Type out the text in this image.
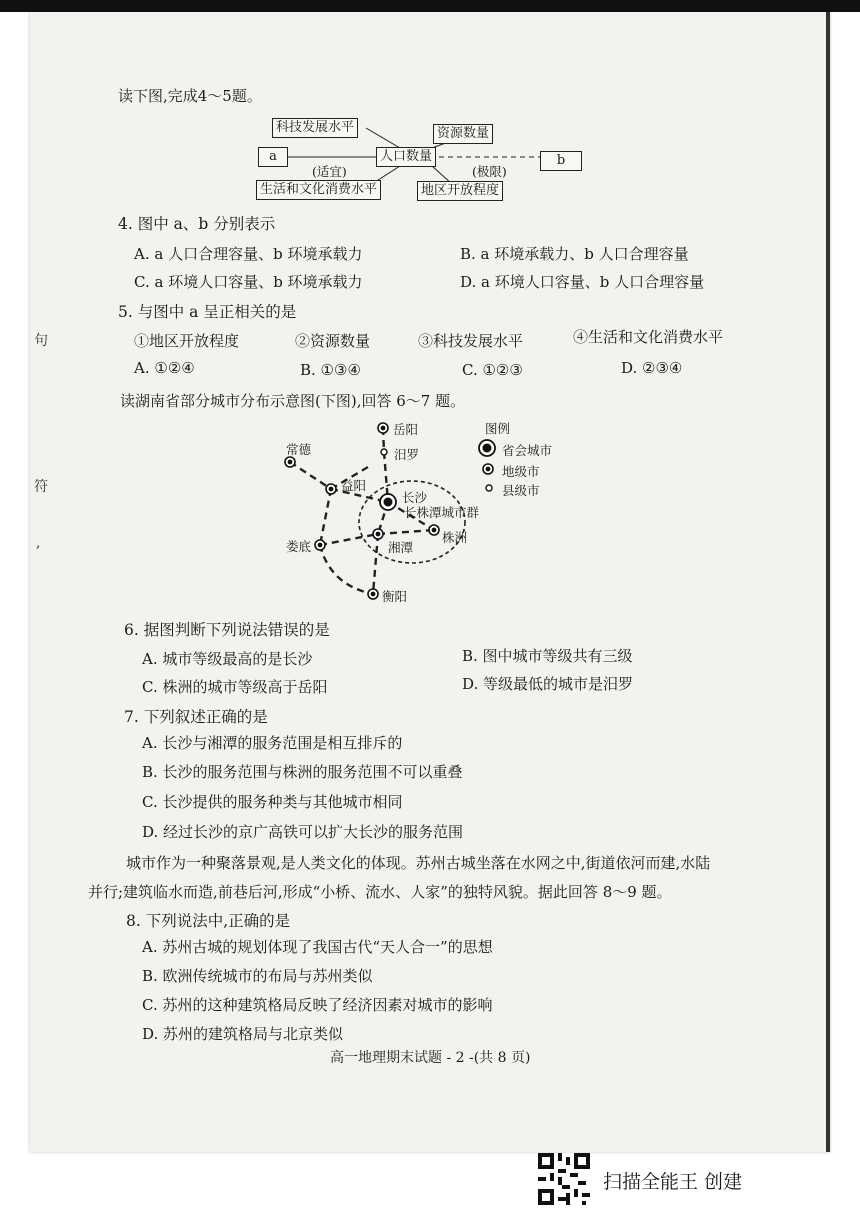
句
符
,
读下图,完成4～5题。
科技发展水平	资源数量
a	人口数量	b
(适宜)	(极限)
生活和文化消费水平	地区开放程度
4. 图中 a、b 分别表示
A. a 人口合理容量、b 环境承载力	B. a 环境承载力、b 人口合理容量
C. a 环境人口容量、b 环境承载力	D. a 环境人口容量、b 人口合理容量
5. 与图中 a 呈正相关的是
①地区开放程度	②资源数量	③科技发展水平	④生活和文化消费水平
A. ①②④	B. ①③④	C. ①②③	D. ②③④
读湖南省部分城市分布示意图(下图),回答 6～7 题。
岳阳
汨罗
常德
益阳
长沙
长株潭城市群
娄底	湘潭
株洲
衡阳
图例
省会城市
地级市
县级市
6. 据图判断下列说法错误的是
A. 城市等级最高的是长沙	B. 图中城市等级共有三级
C. 株洲的城市等级高于岳阳	D. 等级最低的城市是汨罗
7. 下列叙述正确的是
A. 长沙与湘潭的服务范围是相互排斥的
B. 长沙的服务范围与株洲的服务范围不可以重叠
C. 长沙提供的服务种类与其他城市相同
D. 经过长沙的京广高铁可以扩大长沙的服务范围
城市作为一种聚落景观,是人类文化的体现。苏州古城坐落在水网之中,街道依河而建,水陆
并行;建筑临水而造,前巷后河,形成“小桥、流水、人家”的独特风貌。据此回答 8～9 题。
8. 下列说法中,正确的是
A. 苏州古城的规划体现了我国古代“天人合一”的思想
B. 欧洲传统城市的布局与苏州类似
C. 苏州的这种建筑格局反映了经济因素对城市的影响
D. 苏州的建筑格局与北京类似
高一地理期末试题 - 2 -(共 8 页)
扫描全能王 创建
